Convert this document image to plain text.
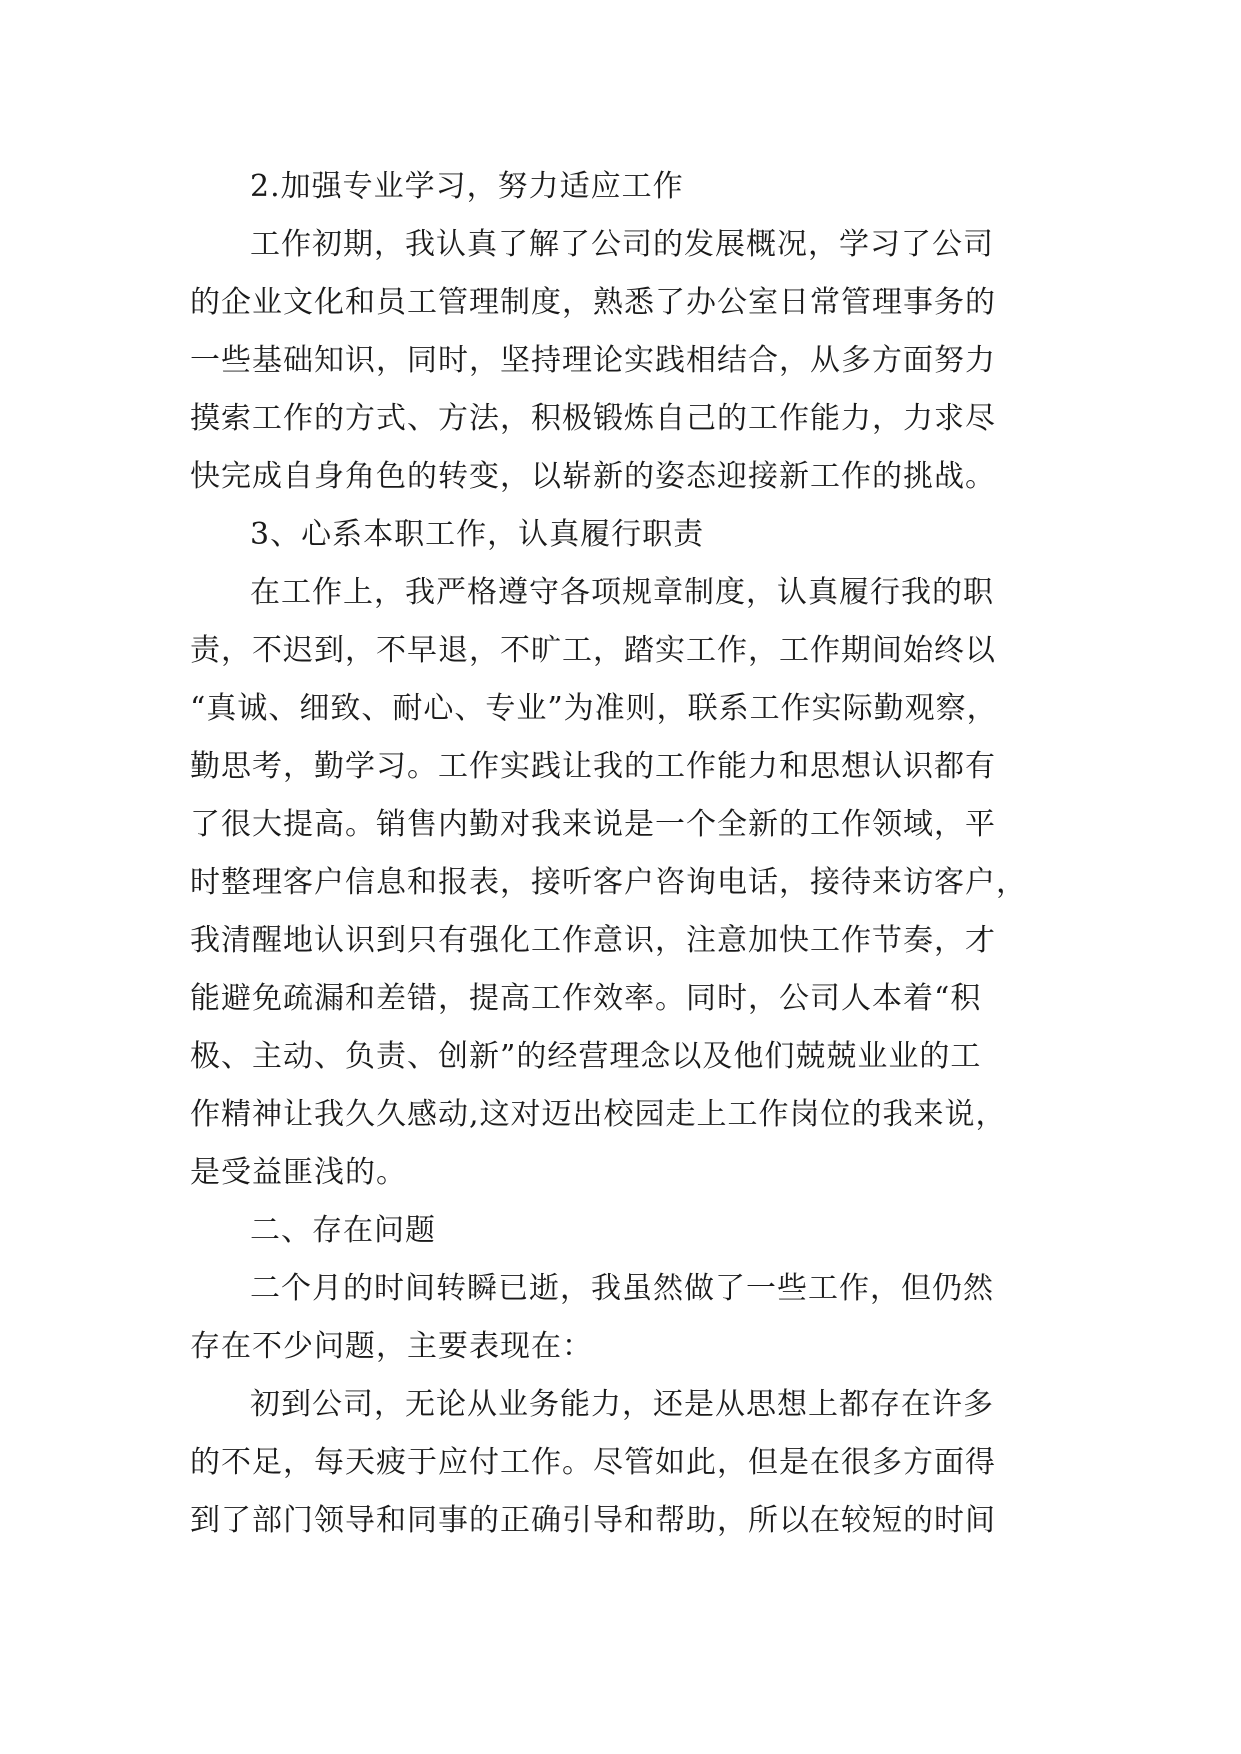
2.加强专业学习，努力适应工作
工作初期，我认真了解了公司的发展概况，学习了公司
的企业文化和员工管理制度，熟悉了办公室日常管理事务的
一些基础知识，同时，坚持理论实践相结合，从多方面努力
摸索工作的方式、方法，积极锻炼自己的工作能力，力求尽
快完成自身角色的转变，以崭新的姿态迎接新工作的挑战。
3、心系本职工作，认真履行职责
在工作上，我严格遵守各项规章制度，认真履行我的职
责，不迟到，不早退，不旷工，踏实工作，工作期间始终以
“真诚、细致、耐心、专业”为准则，联系工作实际勤观察，
勤思考，勤学习。工作实践让我的工作能力和思想认识都有
了很大提高。销售内勤对我来说是一个全新的工作领域，平
时整理客户信息和报表，接听客户咨询电话，接待来访客户，
我清醒地认识到只有强化工作意识，注意加快工作节奏，才
能避免疏漏和差错，提高工作效率。同时，公司人本着“积
极、主动、负责、创新”的经营理念以及他们兢兢业业的工
作精神让我久久感动,这对迈出校园走上工作岗位的我来说，
是受益匪浅的。
二、存在问题
二个月的时间转瞬已逝，我虽然做了一些工作，但仍然
存在不少问题，主要表现在：
初到公司，无论从业务能力，还是从思想上都存在许多
的不足，每天疲于应付工作。尽管如此，但是在很多方面得
到了部门领导和同事的正确引导和帮助，所以在较短的时间
